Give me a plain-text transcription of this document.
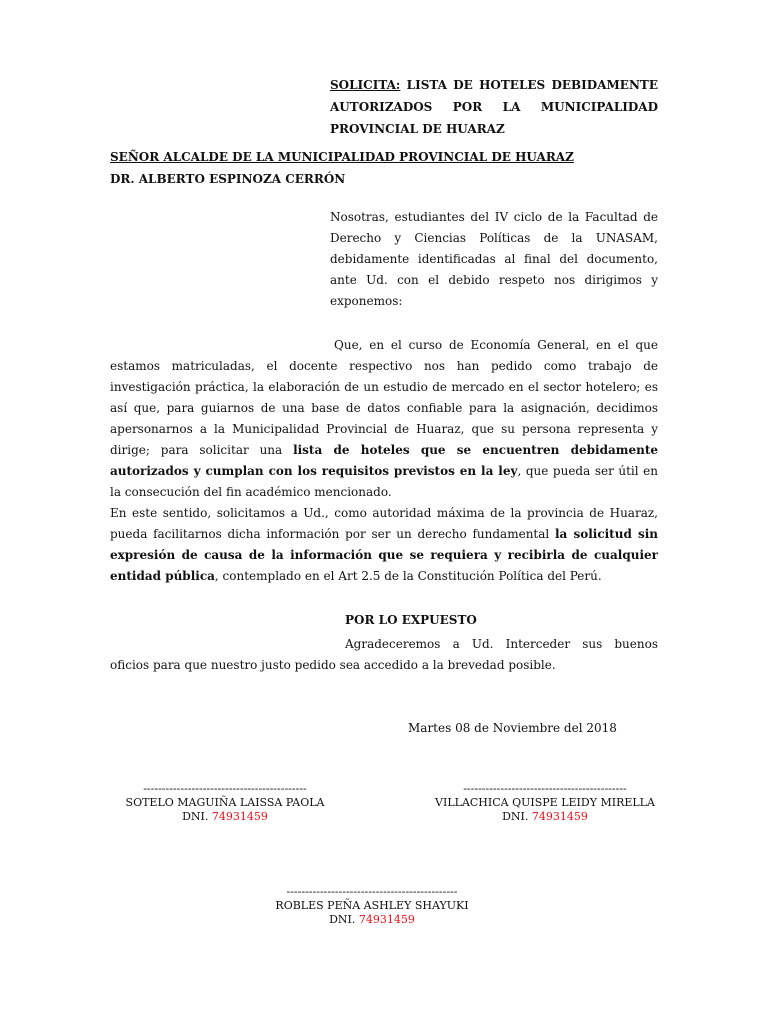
SOLICITA: LISTA DE HOTELES DEBIDAMENTE AUTORIZADOS POR LA MUNICIPALIDAD PROVINCIAL DE HUARAZ
SEÑOR ALCALDE DE LA MUNICIPALIDAD PROVINCIAL DE HUARAZ
DR. ALBERTO ESPINOZA CERRÓN
Nosotras, estudiantes del IV ciclo de la Facultad de Derecho y Ciencias Políticas de la UNASAM, debidamente identificadas al final del documento, ante Ud. con el debido respeto nos dirigimos y exponemos:
Que, en el curso de Economía General, en el que estamos matriculadas, el docente respectivo nos han pedido como trabajo de investigación práctica, la elaboración de un estudio de mercado en el sector hotelero; es así que, para guiarnos de una base de datos confiable para la asignación, decidimos apersonarnos a la Municipalidad Provincial de Huaraz, que su persona representa y dirige; para solicitar una lista de hoteles que se encuentren debidamente autorizados y cumplan con los requisitos previstos en la ley, que pueda ser útil en la consecución del fin académico mencionado.
En este sentido, solicitamos a Ud., como autoridad máxima de la provincia de Huaraz, pueda facilitarnos dicha información por ser un derecho fundamental la solicitud sin expresión de causa de la información que se requiera y recibirla de cualquier entidad pública, contemplado en el Art 2.5 de la Constitución Política del Perú.
POR LO EXPUESTO
Agradeceremos a Ud. Interceder sus buenos oficios para que nuestro justo pedido sea accedido a la brevedad posible.
Martes 08 de Noviembre del 2018
--------------------------------------------
SOTELO MAGUIÑA LAISSA PAOLA
DNI. 74931459
--------------------------------------------
VILLACHICA QUISPE LEIDY MIRELLA
DNI. 74931459
----------------------------------------------
ROBLES PEÑA ASHLEY SHAYUKI
DNI. 74931459
